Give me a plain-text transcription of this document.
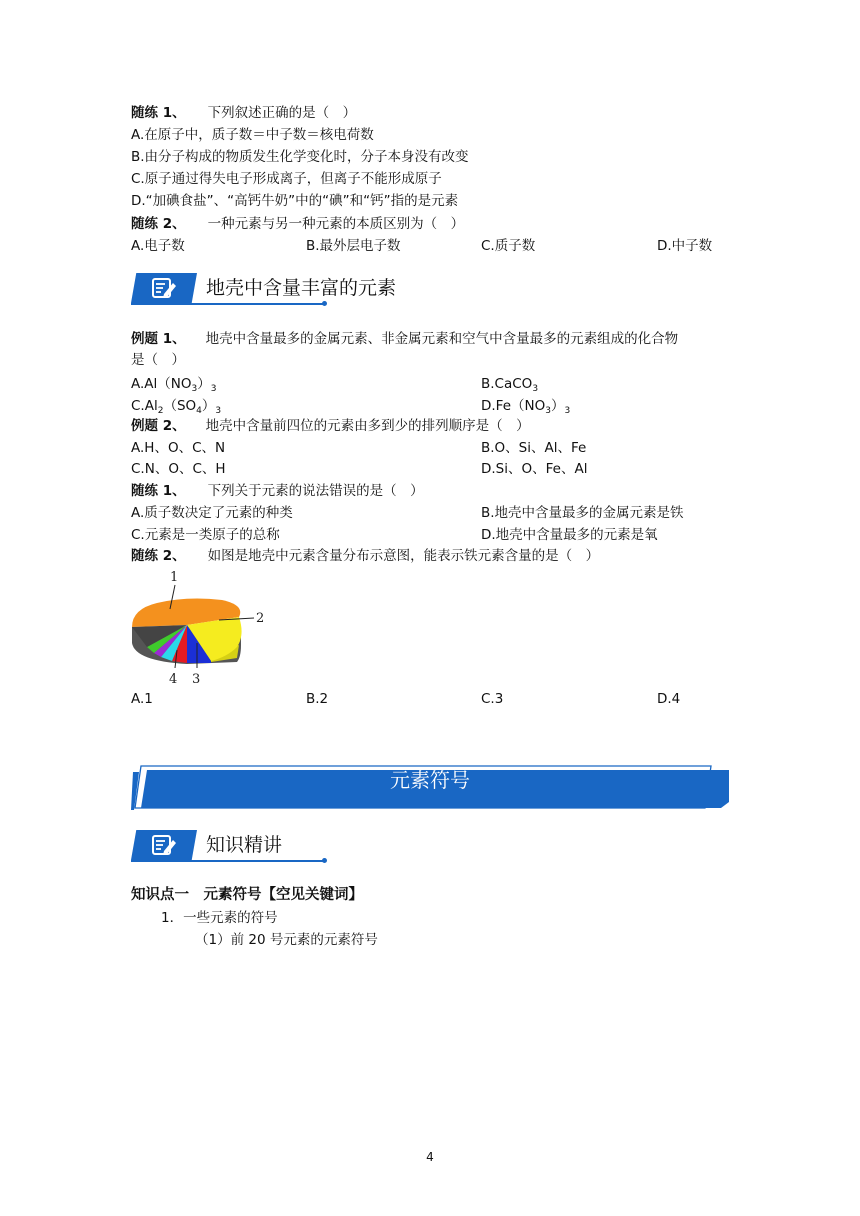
随练 1、 下列叙述正确的是（　）
A.在原子中，质子数＝中子数＝核电荷数
B.由分子构成的物质发生化学变化时，分子本身没有改变
C.原子通过得失电子形成离子，但离子不能形成原子
D.“加碘食盐”、“高钙牛奶”中的“碘”和“钙”指的是元素
随练 2、 一种元素与另一种元素的本质区别为（　）
A.电子数	B.最外层电子数	C.质子数	D.中子数
地壳中含量丰富的元素
例题 1、 地壳中含量最多的金属元素、非金属元素和空气中含量最多的元素组成的化合物
是（　）
$A.Al(NO_3)_3$	B.CaCO$_3$
$C.Al_2(SO_4)_3$	$D.Fe(NO_3)_3$
例题 2、 地壳中含量前四位的元素由多到少的排列顺序是（　）
A.H、O、C、N	B.O、Si、Al、Fe
C.N、O、C、H	D.Si、O、Fe、Al
随练 1、 下列关于元素的说法错误的是（　）
A.质子数决定了元素的种类	B.地壳中含量最多的金属元素是铁
C.元素是一类原子的总称	D.地壳中含量最多的元素是氧
随练 2、 如图是地壳中元素含量分布示意图，能表示铁元素含量的是（　）
1
2
3
4
A.1	B.2	C.3	D.4
元素符号
知识精讲
知识点一　元素符号【空见关键词】
1．一些元素的符号
（1）前 20 号元素的元素符号
4
